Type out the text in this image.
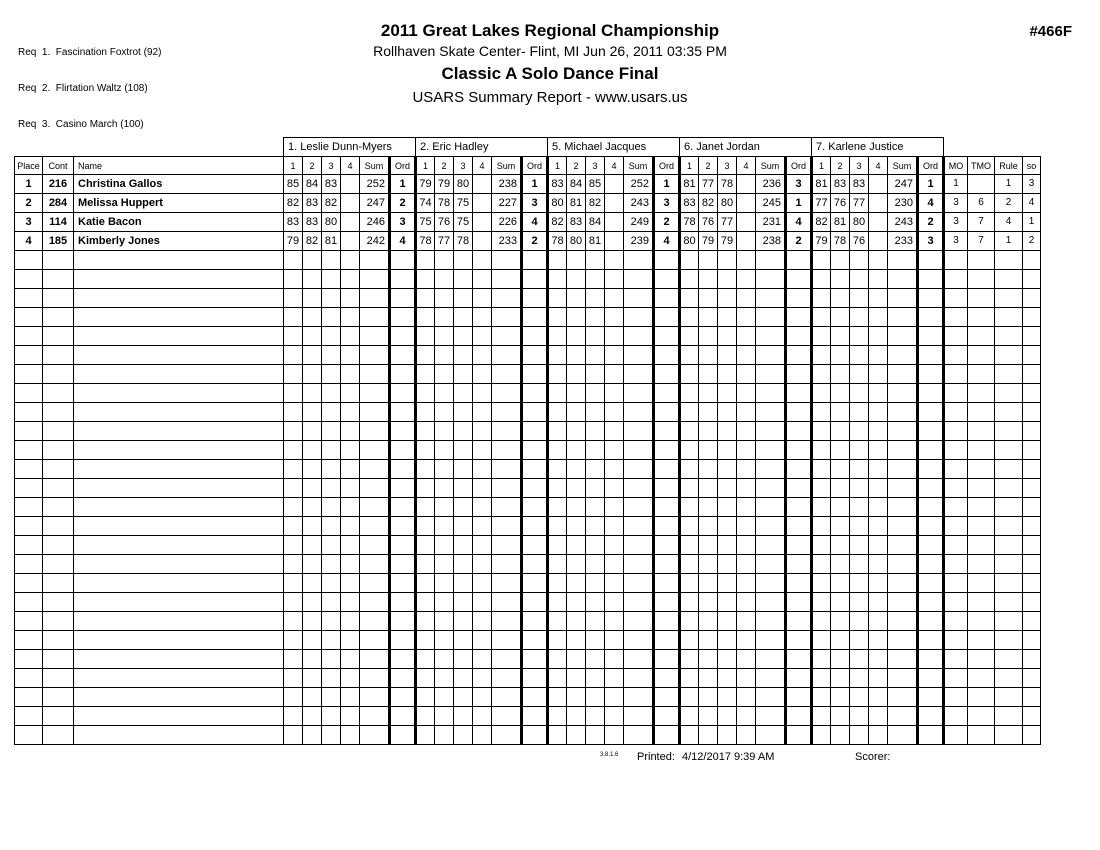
Req  1.  Fascination Foxtrot (92)

Req  2.  Flirtation Waltz (108)

Req  3.  Casino March (100)

2011 Great Lakes Regional Championship
Rollhaven Skate Center- Flint, MI Jun 26, 2011 03:35 PM
Classic A Solo Dance Final
USARS Summary Report - www.usars.us
#466F
			1. Leslie Dunn-Myers						2. Eric Hadley						5. Michael Jacques						6. Janet Jordan						7. Karlene Justice									
Place	Cont	Name	1	2	3	4	Sum	Ord	1	2	3	4	Sum	Ord	1	2	3	4	Sum	Ord	1	2	3	4	Sum	Ord	1	2	3	4	Sum	Ord	MO	TMO	Rule	so
1	216	Christina Gallos	85	84	83		252	1	79	79	80		238	1	83	84	85		252	1	81	77	78		236	3	81	83	83		247	1	1		1	3
2	284	Melissa Huppert	82	83	82		247	2	74	78	75		227	3	80	81	82		243	3	83	82	80		245	1	77	76	77		230	4	3	6	2	4
3	114	Katie Bacon	83	83	80		246	3	75	76	75		226	4	82	83	84		249	2	78	76	77		231	4	82	81	80		243	2	3	7	4	1
4	185	Kimberly Jones	79	82	81		242	4	78	77	78		233	2	78	80	81		239	4	80	79	79		238	2	79	78	76		233	3	3	7	1	2

3.8.1.6 Printed: 4/12/2017 9:39 AM	Scorer:
